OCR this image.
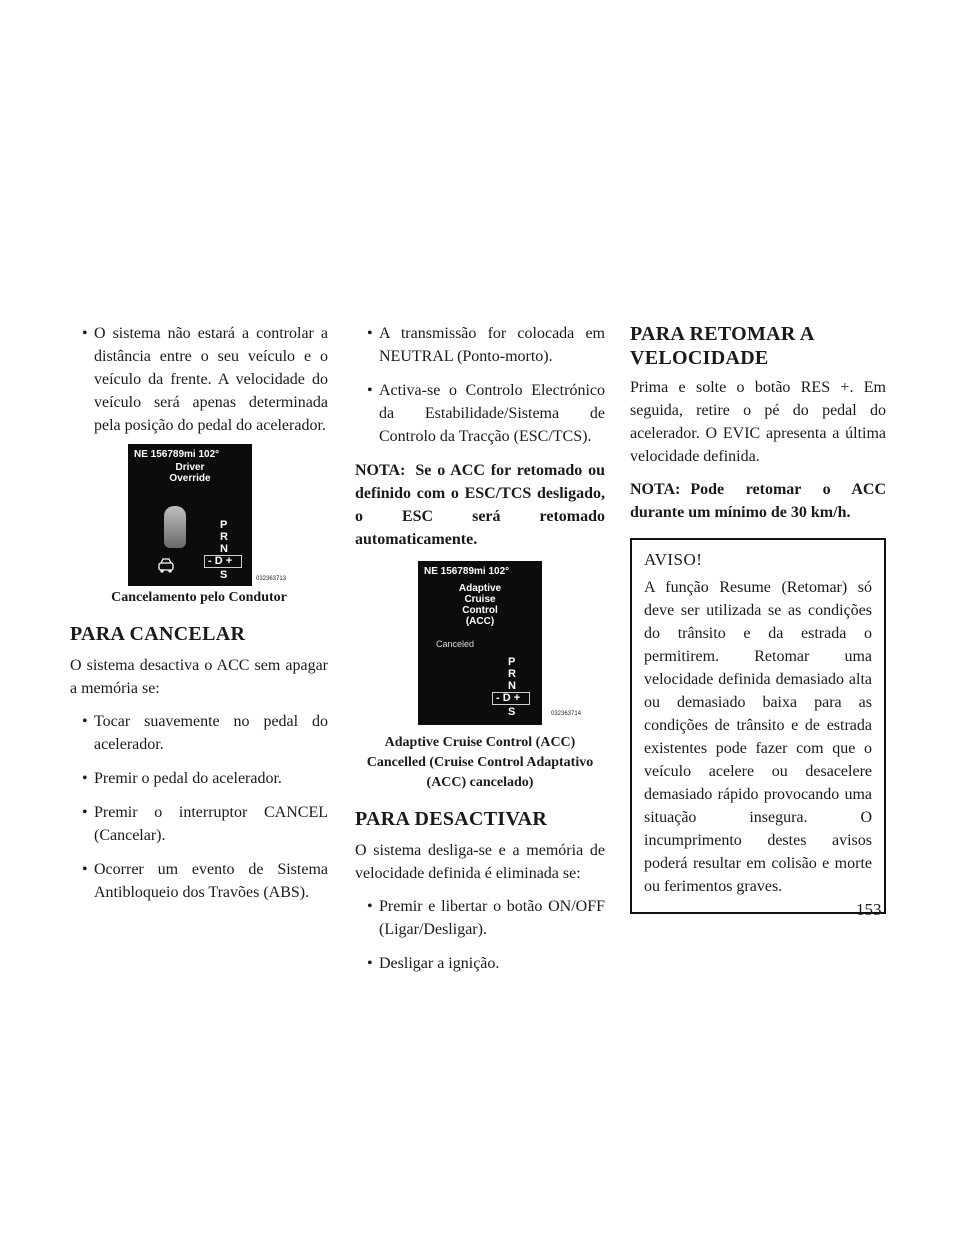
• O sistema não estará a controlar a distância entre o seu veículo e o veículo da frente. A velocidade do veículo será apenas determinada pela posição do pedal do acelerador.
NE 156789mi 102°
Driver
Override
P
R
N
- D +
S	032363713
Cancelamento pelo Condutor
PARA CANCELAR

O sistema desactiva o ACC sem apagar a memória se:

• Tocar suavemente no pedal do acelerador.
• Premir o pedal do acelerador.
• Premir o interruptor CANCEL (Cancelar).
• Ocorrer um evento de Sistema Antibloqueio dos Travões (ABS).
• A transmissão for colocada em NEUTRAL (Ponto-morto).
• Activa-se o Controlo Electrónico da Estabilidade/Sistema de Controlo da Tracção (ESC/TCS).
NOTA: Se o ACC for retomado ou definido com o ESC/TCS desligado, o ESC será retomado automaticamente.
NE 156789mi 102°
Adaptive
Cruise
Control
(ACC)
Canceled
P
R
N
- D +
S	032363714
Adaptive Cruise Control (ACC)
Cancelled (Cruise Control Adaptativo
(ACC) cancelado)
PARA DESACTIVAR

O sistema desliga-se e a memória de velocidade definida é eliminada se:

• Premir e libertar o botão ON/OFF (Ligar/Desligar).
• Desligar a ignição.
PARA RETOMAR A
VELOCIDADE

Prima e solte o botão RES +. Em seguida, retire o pé do pedal do acelerador. O EVIC apresenta a última velocidade definida.

NOTA: Pode retomar o ACC durante um mínimo de 30 km/h.
AVISO!

A função Resume (Retomar) só deve ser utilizada se as condições do trânsito e da estrada o permitirem. Retomar uma velocidade definida demasiado alta ou demasiado baixa para as condições de trânsito e de estrada existentes pode fazer com que o veículo acelere ou desacelere demasiado rápido provocando uma situação insegura. O incumprimento destes avisos poderá resultar em colisão e morte ou ferimentos graves.

153
